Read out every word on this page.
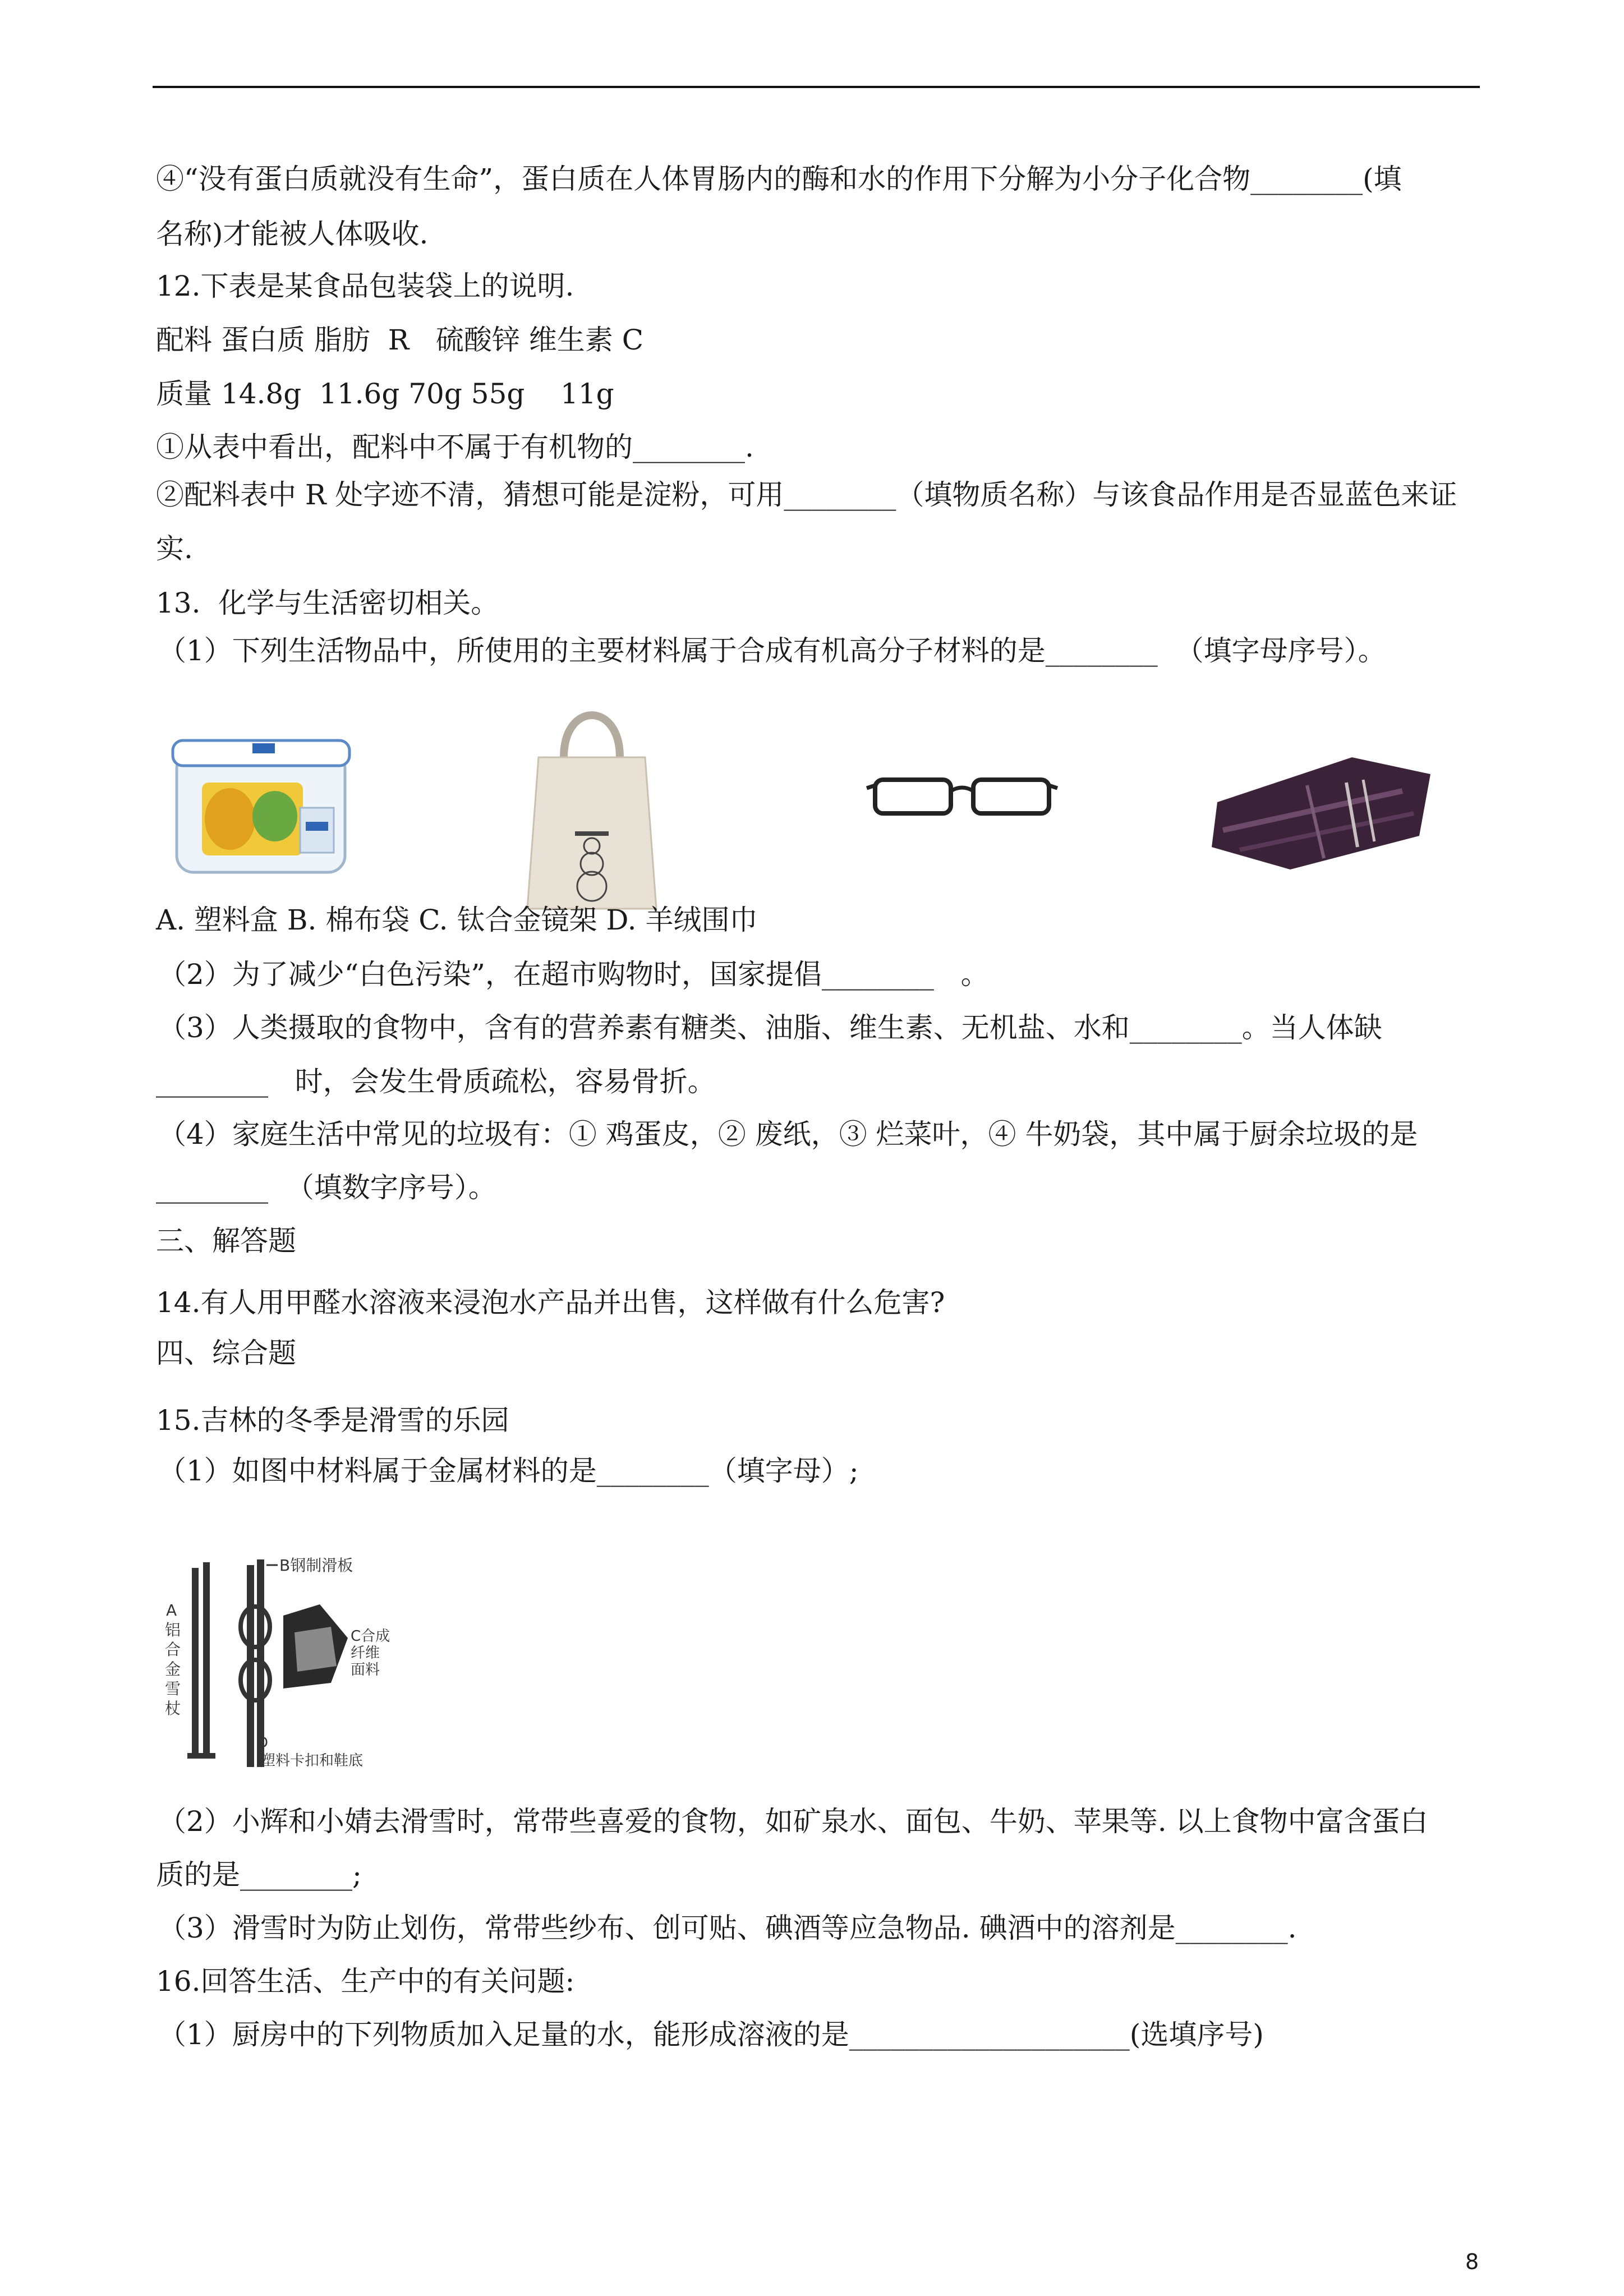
④“没有蛋白质就没有生命”，蛋白质在人体胃肠内的酶和水的作用下分解为小分子化合物________(填
名称)才能被人体吸收.
12.下表是某食品包装袋上的说明.
配料 蛋白质 脂肪  R   硫酸锌 维生素 C
质量 14.8g  11.6g 70g 55g    11g
①从表中看出，配料中不属于有机物的________.
②配料表中 R 处字迹不清，猜想可能是淀粉，可用________（填物质名称）与该食品作用是否显蓝色来证
实.
13.  化学与生活密切相关。
（1）下列生活物品中，所使用的主要材料属于合成有机高分子材料的是________  （填字母序号）。
A. 塑料盒 B. 棉布袋 C. 钛合金镜架 D. 羊绒围巾
（2）为了减少“白色污染”，在超市购物时，国家提倡________   。
（3）人类摄取的食物中，含有的营养素有糖类、油脂、维生素、无机盐、水和________。当人体缺
________   时，会发生骨质疏松，容易骨折。
（4）家庭生活中常见的垃圾有：① 鸡蛋皮，② 废纸，③ 烂菜叶，④ 牛奶袋，其中属于厨余垃圾的是
________  （填数字序号）。
三、解答题
14.有人用甲醛水溶液来浸泡水产品并出售，这样做有什么危害?
四、综合题
15.吉林的冬季是滑雪的乐园
（1）如图中材料属于金属材料的是________（填字母）;
A
铝
合
金
雪
杖
B钢制滑板
C合成
纤维
面料
D
塑料卡扣和鞋底
（2）小辉和小婧去滑雪时，常带些喜爱的食物，如矿泉水、面包、牛奶、苹果等. 以上食物中富含蛋白
质的是________;
（3）滑雪时为防止划伤，常带些纱布、创可贴、碘酒等应急物品. 碘酒中的溶剂是________.
16.回答生活、生产中的有关问题:
（1）厨房中的下列物质加入足量的水，能形成溶液的是____________________(选填序号)
8
